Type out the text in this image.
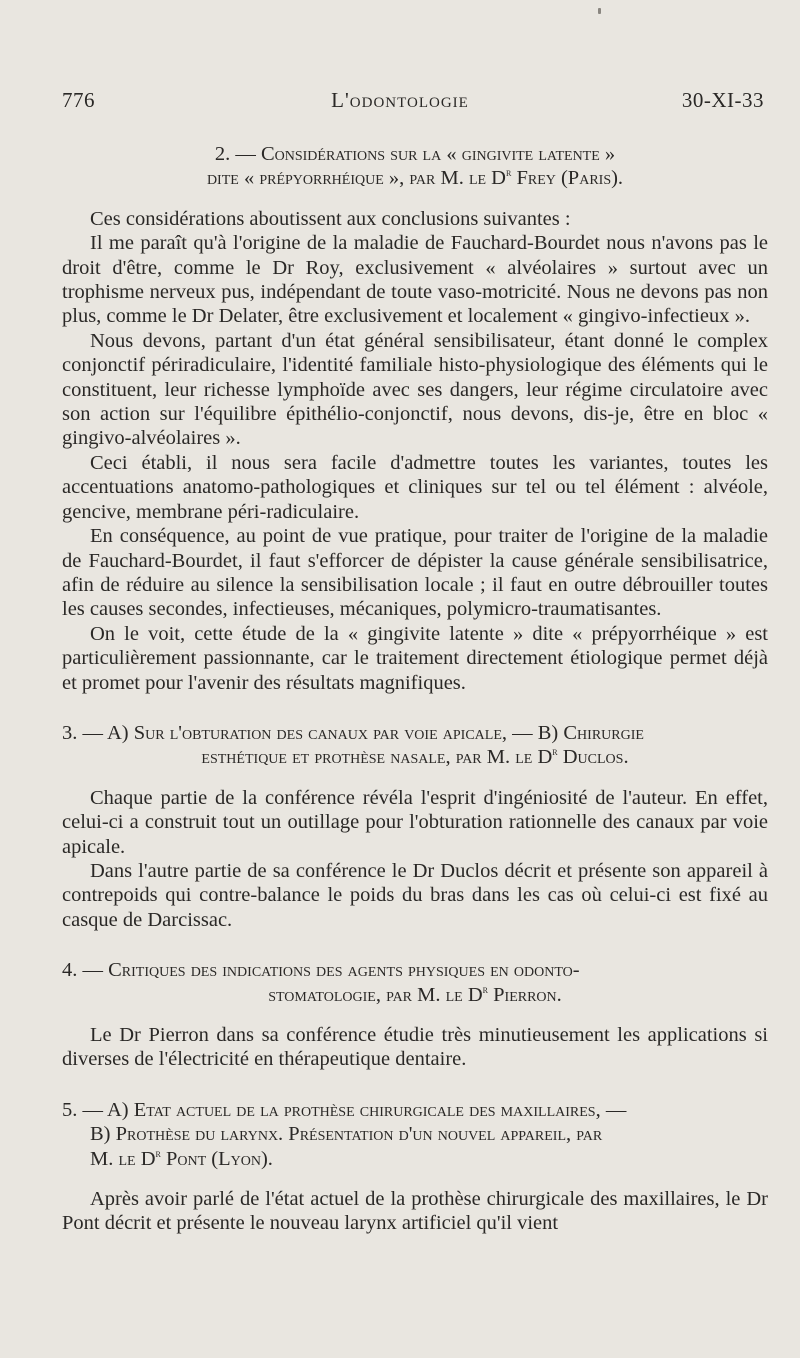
776	L'odontologie	30-XI-33
2. — Considérations sur la « gingivite latente »
dite « prépyorrhéique », par M. le $D^r$ Frey (Paris).

Ces considérations aboutissent aux conclusions suivantes :

Il me paraît qu'à l'origine de la maladie de Fauchard-Bourdet nous n'avons pas le droit d'être, comme le Dr Roy, exclusivement « alvéolaires » surtout avec un trophisme nerveux pus, indépendant de toute vaso-motricité. Nous ne devons pas non plus, comme le Dr Delater, être exclusivement et localement « gingivo-infectieux ».

Nous devons, partant d'un état général sensibilisateur, étant donné le complex conjonctif périradiculaire, l'identité familiale histo-physiologique des éléments qui le constituent, leur richesse lymphoïde avec ses dangers, leur régime circulatoire avec son action sur l'équilibre épithélio-conjonctif, nous devons, dis-je, être en bloc « gingivo-alvéolaires ».

Ceci établi, il nous sera facile d'admettre toutes les variantes, toutes les accentuations anatomo-pathologiques et cliniques sur tel ou tel élément : alvéole, gencive, membrane péri-radiculaire.

En conséquence, au point de vue pratique, pour traiter de l'origine de la maladie de Fauchard-Bourdet, il faut s'efforcer de dépister la cause générale sensibilisatrice, afin de réduire au silence la sensibilisation locale ; il faut en outre débrouiller toutes les causes secondes, infectieuses, mécaniques, polymicro-traumatisantes.

On le voit, cette étude de la « gingivite latente » dite « prépyorrhéique » est particulièrement passionnante, car le traitement directement étiologique permet déjà et promet pour l'avenir des résultats magnifiques.

3. — A) Sur l'obturation des canaux par voie apicale, — B) Chirurgie
esthétique et prothèse nasale, par M. le $D^r$ Duclos.

Chaque partie de la conférence révéla l'esprit d'ingéniosité de l'auteur. En effet, celui-ci a construit tout un outillage pour l'obturation rationnelle des canaux par voie apicale.

Dans l'autre partie de sa conférence le Dr Duclos décrit et présente son appareil à contrepoids qui contre-balance le poids du bras dans les cas où celui-ci est fixé au casque de Darcissac.

4. — Critiques des indications des agents physiques en odonto-
stomatologie, par M. le $D^r$ Pierron.

Le Dr Pierron dans sa conférence étudie très minutieusement les applications si diverses de l'électricité en thérapeutique dentaire.

5. — A) Etat actuel de la prothèse chirurgicale des maxillaires, —
B) Prothèse du larynx. Présentation d'un nouvel appareil, par
M. le $D^r$ Pont (Lyon).

Après avoir parlé de l'état actuel de la prothèse chirurgicale des maxillaires, le Dr Pont décrit et présente le nouveau larynx artificiel qu'il vient
